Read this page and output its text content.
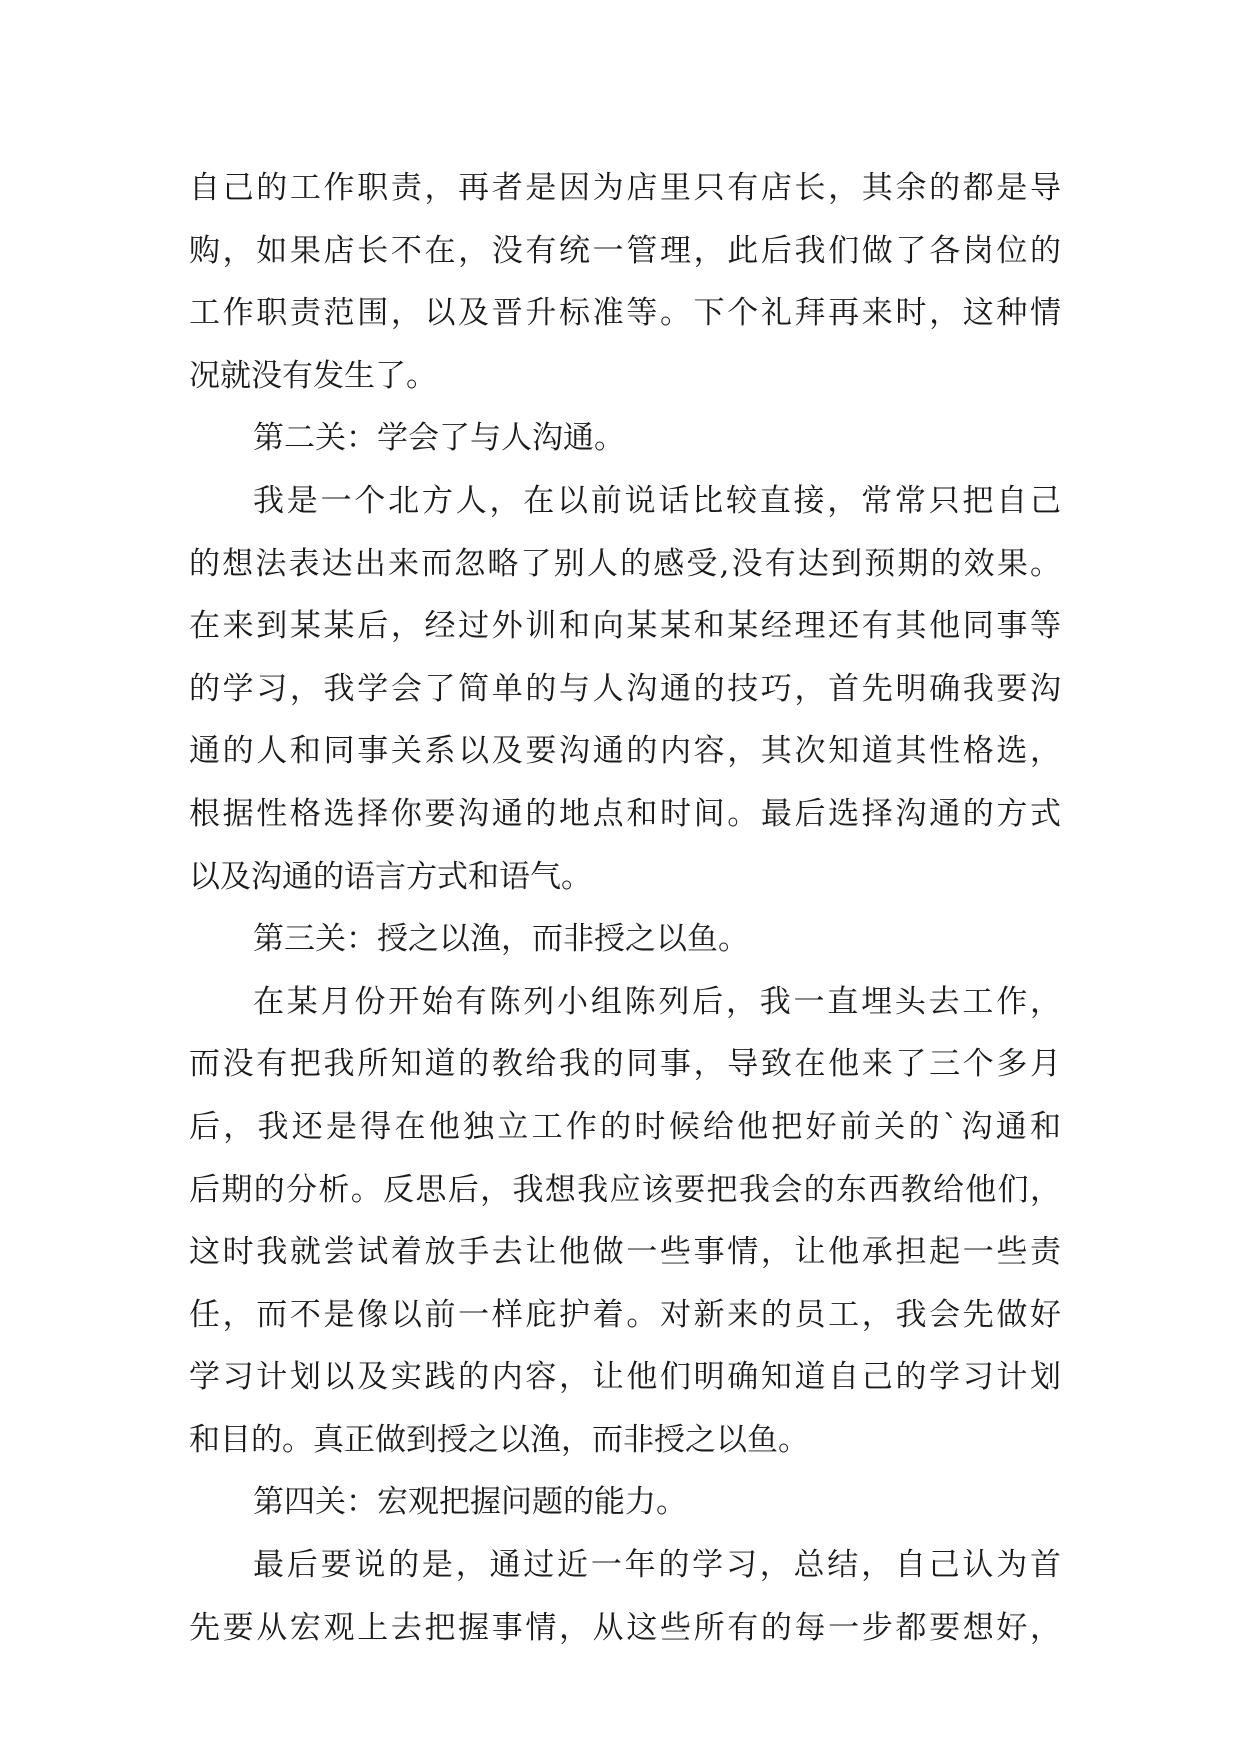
自己的工作职责，再者是因为店里只有店长，其余的都是导
购，如果店长不在，没有统一管理，此后我们做了各岗位的
工作职责范围，以及晋升标准等。下个礼拜再来时，这种情
况就没有发生了。
第二关：学会了与人沟通。
我是一个北方人，在以前说话比较直接，常常只把自己
的想法表达出来而忽略了别人的感受,没有达到预期的效果。
在来到某某后，经过外训和向某某和某经理还有其他同事等
的学习，我学会了简单的与人沟通的技巧，首先明确我要沟
通的人和同事关系以及要沟通的内容，其次知道其性格选，
根据性格选择你要沟通的地点和时间。最后选择沟通的方式
以及沟通的语言方式和语气。
第三关：授之以渔，而非授之以鱼。
在某月份开始有陈列小组陈列后，我一直埋头去工作，
而没有把我所知道的教给我的同事，导致在他来了三个多月
后，我还是得在他独立工作的时候给他把好前关的`沟通和
后期的分析。反思后，我想我应该要把我会的东西教给他们，
这时我就尝试着放手去让他做一些事情，让他承担起一些责
任，而不是像以前一样庇护着。对新来的员工，我会先做好
学习计划以及实践的内容，让他们明确知道自己的学习计划
和目的。真正做到授之以渔，而非授之以鱼。
第四关：宏观把握问题的能力。
最后要说的是，通过近一年的学习，总结，自己认为首
先要从宏观上去把握事情，从这些所有的每一步都要想好，
